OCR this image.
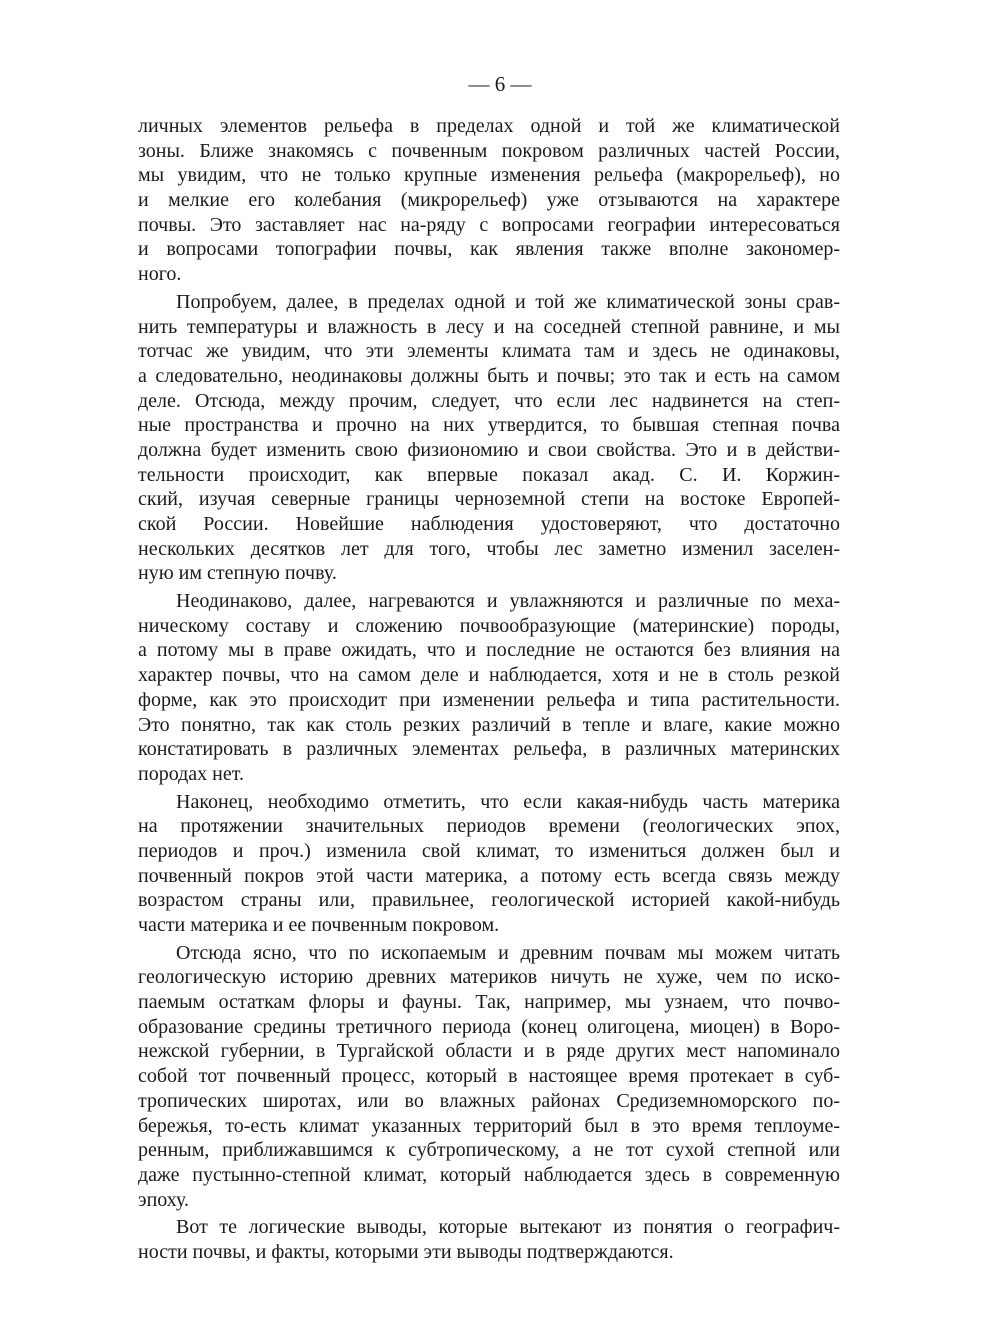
— 6 —
личных элементов рельефа в пределах одной и той же климатической
зоны. Ближе знакомясь с почвенным покровом различных частей России,
мы увидим, что не только крупные изменения рельефа (макрорельеф), но
и мелкие его колебания (микрорельеф) уже отзываются на характере
почвы. Это заставляет нас на-ряду с вопросами географии интересоваться
и вопросами топографии почвы, как явления также вполне закономер-
ного.
Попробуем, далее, в пределах одной и той же климатической зоны срав-
нить температуры и влажность в лесу и на соседней степной равнине, и мы
тотчас же увидим, что эти элементы климата там и здесь не одинаковы,
а следовательно, неодинаковы должны быть и почвы; это так и есть на самом
деле. Отсюда, между прочим, следует, что если лес надвинется на степ-
ные пространства и прочно на них утвердится, то бывшая степная почва
должна будет изменить свою физиономию и свои свойства. Это и в действи-
тельности происходит, как впервые показал акад. С. И. Коржин-
ский, изучая северные границы черноземной степи на востоке Европей-
ской России. Новейшие наблюдения удостоверяют, что достаточно
нескольких десятков лет для того, чтобы лес заметно изменил заселен-
ную им степную почву.
Неодинаково, далее, нагреваются и увлажняются и различные по меха-
ническому составу и сложению почвообразующие (материнские) породы,
а потому мы в праве ожидать, что и последние не остаются без влияния на
характер почвы, что на самом деле и наблюдается, хотя и не в столь резкой
форме, как это происходит при изменении рельефа и типа растительности.
Это понятно, так как столь резких различий в тепле и влаге, какие можно
констатировать в различных элементах рельефа, в различных материнских
породах нет.
Наконец, необходимо отметить, что если какая-нибудь часть материка
на протяжении значительных периодов времени (геологических эпох,
периодов и проч.) изменила свой климат, то измениться должен был и
почвенный покров этой части материка, а потому есть всегда связь между
возрастом страны или, правильнее, геологической историей какой-нибудь
части материка и ее почвенным покровом.
Отсюда ясно, что по ископаемым и древним почвам мы можем читать
геологическую историю древних материков ничуть не хуже, чем по иско-
паемым остаткам флоры и фауны. Так, например, мы узнаем, что почво-
образование средины третичного периода (конец олигоцена, миоцен) в Воро-
нежской губернии, в Тургайской области и в ряде других мест напоминало
собой тот почвенный процесс, который в настоящее время протекает в суб-
тропических широтах, или во влажных районах Средиземноморского по-
бережья, то-есть климат указанных территорий был в это время теплоуме-
ренным, приближавшимся к субтропическому, а не тот сухой степной или
даже пустынно-степной климат, который наблюдается здесь в современную
эпоху.
Вот те логические выводы, которые вытекают из понятия о географич-
ности почвы, и факты, которыми эти выводы подтверждаются.
